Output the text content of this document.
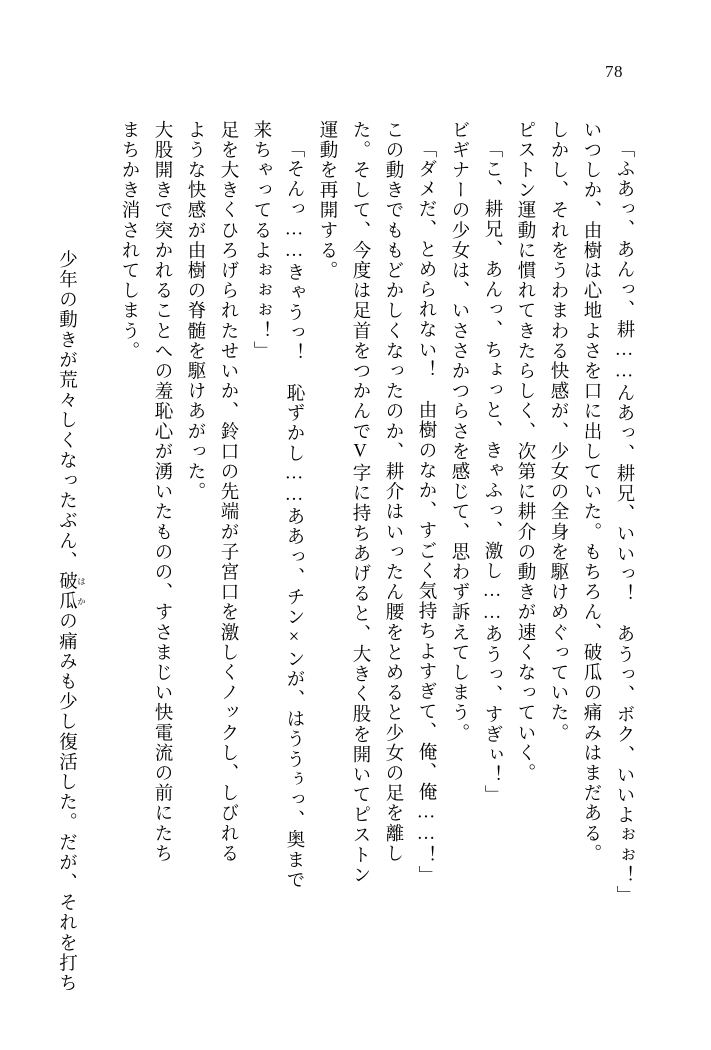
78
「ふあっ、あんっ、耕……んあっ、耕兄、いいっ！　あうっ、ボク、いいよぉぉ！」
いつしか、由樹は心地よさを口に出していた。もちろん、破瓜の痛みはまだある。
しかし、それをうわまわる快感が、少女の全身を駆けめぐっていた。
ピストン運動に慣れてきたらしく、次第に耕介の動きが速くなっていく。
「こ、耕兄、あんっ、ちょっと、きゃふっ、激し……あうっ、すぎぃ！」
ビギナーの少女は、いささかつらさを感じて、思わず訴えてしまう。
「ダメだ、とめられない！　由樹のなか、すごく気持ちよすぎて、俺、俺……！」
この動きでももどかしくなったのか、耕介はいったん腰をとめると少女の足を離し
た。そして、今度は足首をつかんでV字に持ちあげると、大きく股を開いてピストン
運動を再開する。
「そんっ……きゃうっ！　恥ずかし……ああっ、チン×ンが、はううぅっ、奥まで
来ちゃってるよぉぉぉ！」
足を大きくひろげられたせいか、鈴口の先端が子宮口を激しくノックし、しびれる
ような快感が由樹の脊髄を駆けあがった。
大股開きで突かれることへの羞恥心が湧いたものの、すさまじい快電流の前にたち
まちかき消されてしまう。

少年の動きが荒々しくなったぶん、破瓜 はかの痛みも少し復活した。だが、それを打ち
